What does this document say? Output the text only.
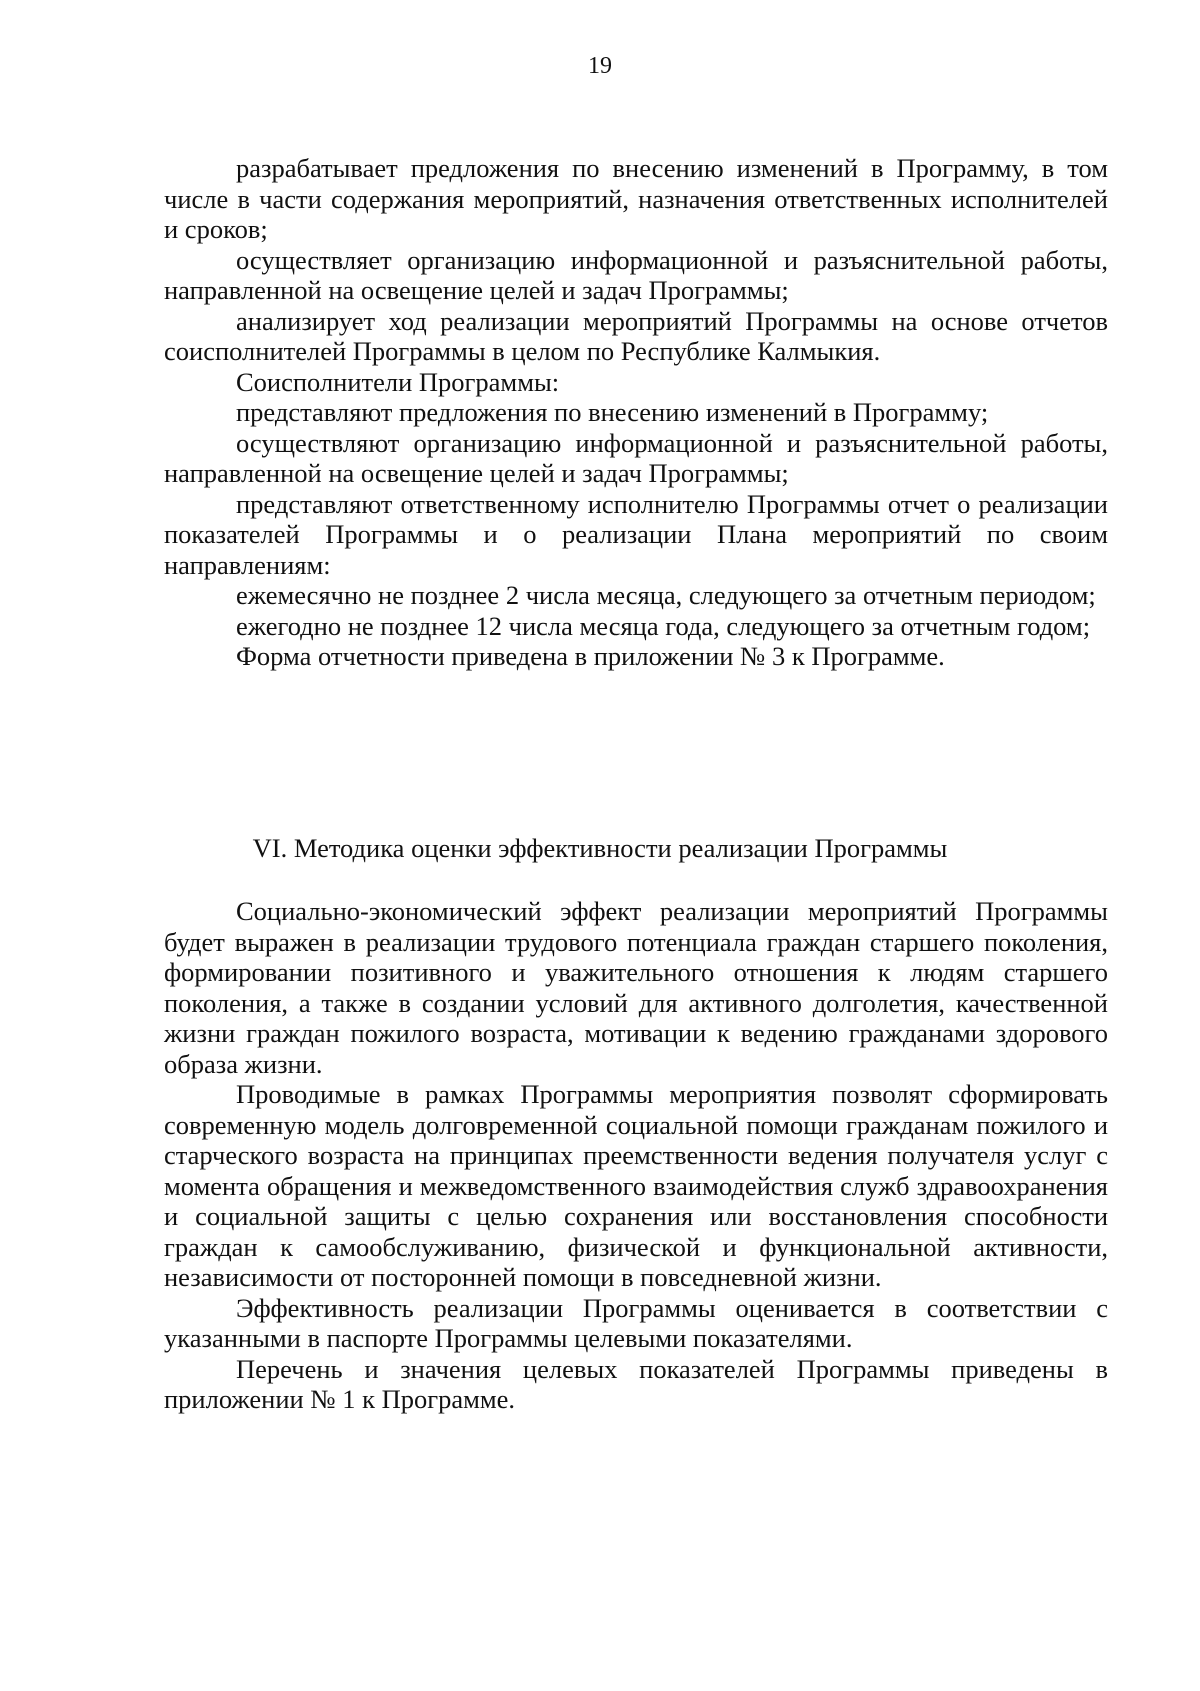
19

разрабатывает предложения по внесению изменений в Программу, в том числе в части содержания мероприятий, назначения ответственных исполнителей и сроков;

осуществляет организацию информационной и разъяснительной работы, направленной на освещение целей и задач Программы;

анализирует ход реализации мероприятий Программы на основе отчетов соисполнителей Программы в целом по Республике Калмыкия.

Соисполнители Программы:

представляют предложения по внесению изменений в Программу;

осуществляют организацию информационной и разъяснительной работы, направленной на освещение целей и задач Программы;

представляют ответственному исполнителю Программы отчет о реализации показателей Программы и о реализации Плана мероприятий по своим направлениям:

ежемесячно не позднее 2 числа месяца, следующего за отчетным периодом;

ежегодно не позднее 12 числа месяца года, следующего за отчетным годом;

Форма отчетности приведена в приложении № 3 к Программе.

VI. Методика оценки эффективности реализации Программы

Социально-экономический эффект реализации мероприятий Программы будет выражен в реализации трудового потенциала граждан старшего поколения, формировании позитивного и уважительного отношения к людям старшего поколения, а также в создании условий для активного долголетия, качественной жизни граждан пожилого возраста, мотивации к ведению гражданами здорового образа жизни.

Проводимые в рамках Программы мероприятия позволят сформировать современную модель долговременной социальной помощи гражданам пожилого и старческого возраста на принципах преемственности ведения получателя услуг с момента обращения и межведомственного взаимодействия служб здравоохранения и социальной защиты с целью сохранения или восстановления способности граждан к самообслуживанию, физической и функциональной активности, независимости от посторонней помощи в повседневной жизни.

Эффективность реализации Программы оценивается в соответствии с указанными в паспорте Программы целевыми показателями.

Перечень и значения целевых показателей Программы приведены в приложении № 1 к Программе.
